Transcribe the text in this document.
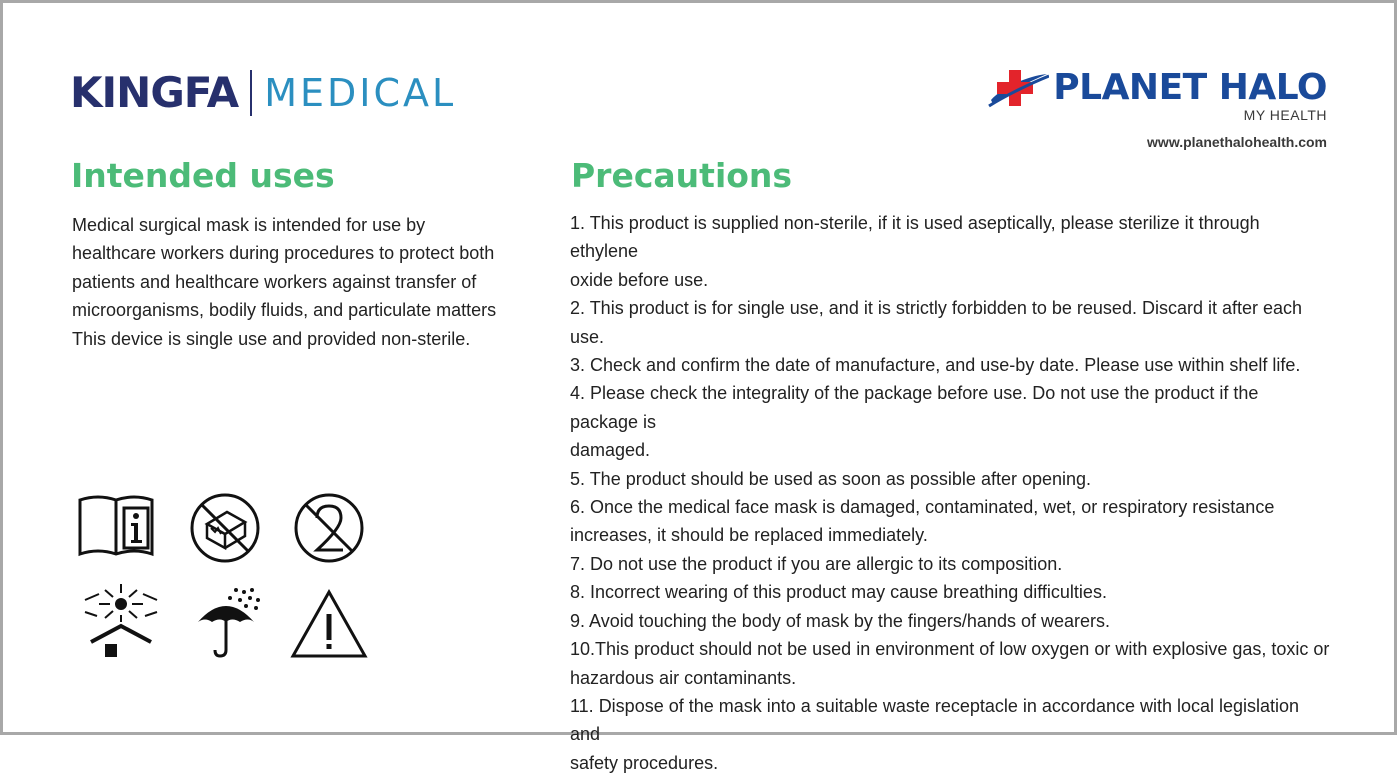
KINGFA MEDICAL	PLANET HALO
MY HEALTH
www.planethalohealth.com
Intended uses	Precautions
Medical surgical mask is intended for use by
healthcare workers during procedures to protect both
patients and healthcare workers against transfer of
microorganisms, bodily fluids, and particulate matters
This device is single use and provided non-sterile.
1. This product is supplied non-sterile, if it is used aseptically, please sterilize it through ethylene
oxide before use.
2. This product is for single use, and it is strictly forbidden to be reused. Discard it after each use.
3. Check and confirm the date of manufacture, and use-by date. Please use within shelf life.
4. Please check the integrality of the package before use. Do not use the product if the package is
damaged.
5. The product should be used as soon as possible after opening.
6. Once the medical face mask is damaged, contaminated, wet, or respiratory resistance
increases, it should be replaced immediately.
7. Do not use the product if you are allergic to its composition.
8. Incorrect wearing of this product may cause breathing difficulties.
9. Avoid touching the body of mask by the fingers/hands of wearers.
10.This product should not be used in environment of low oxygen or with explosive gas, toxic or
hazardous air contaminants.
11. Dispose of the mask into a suitable waste receptacle in accordance with local legislation and
safety procedures.
